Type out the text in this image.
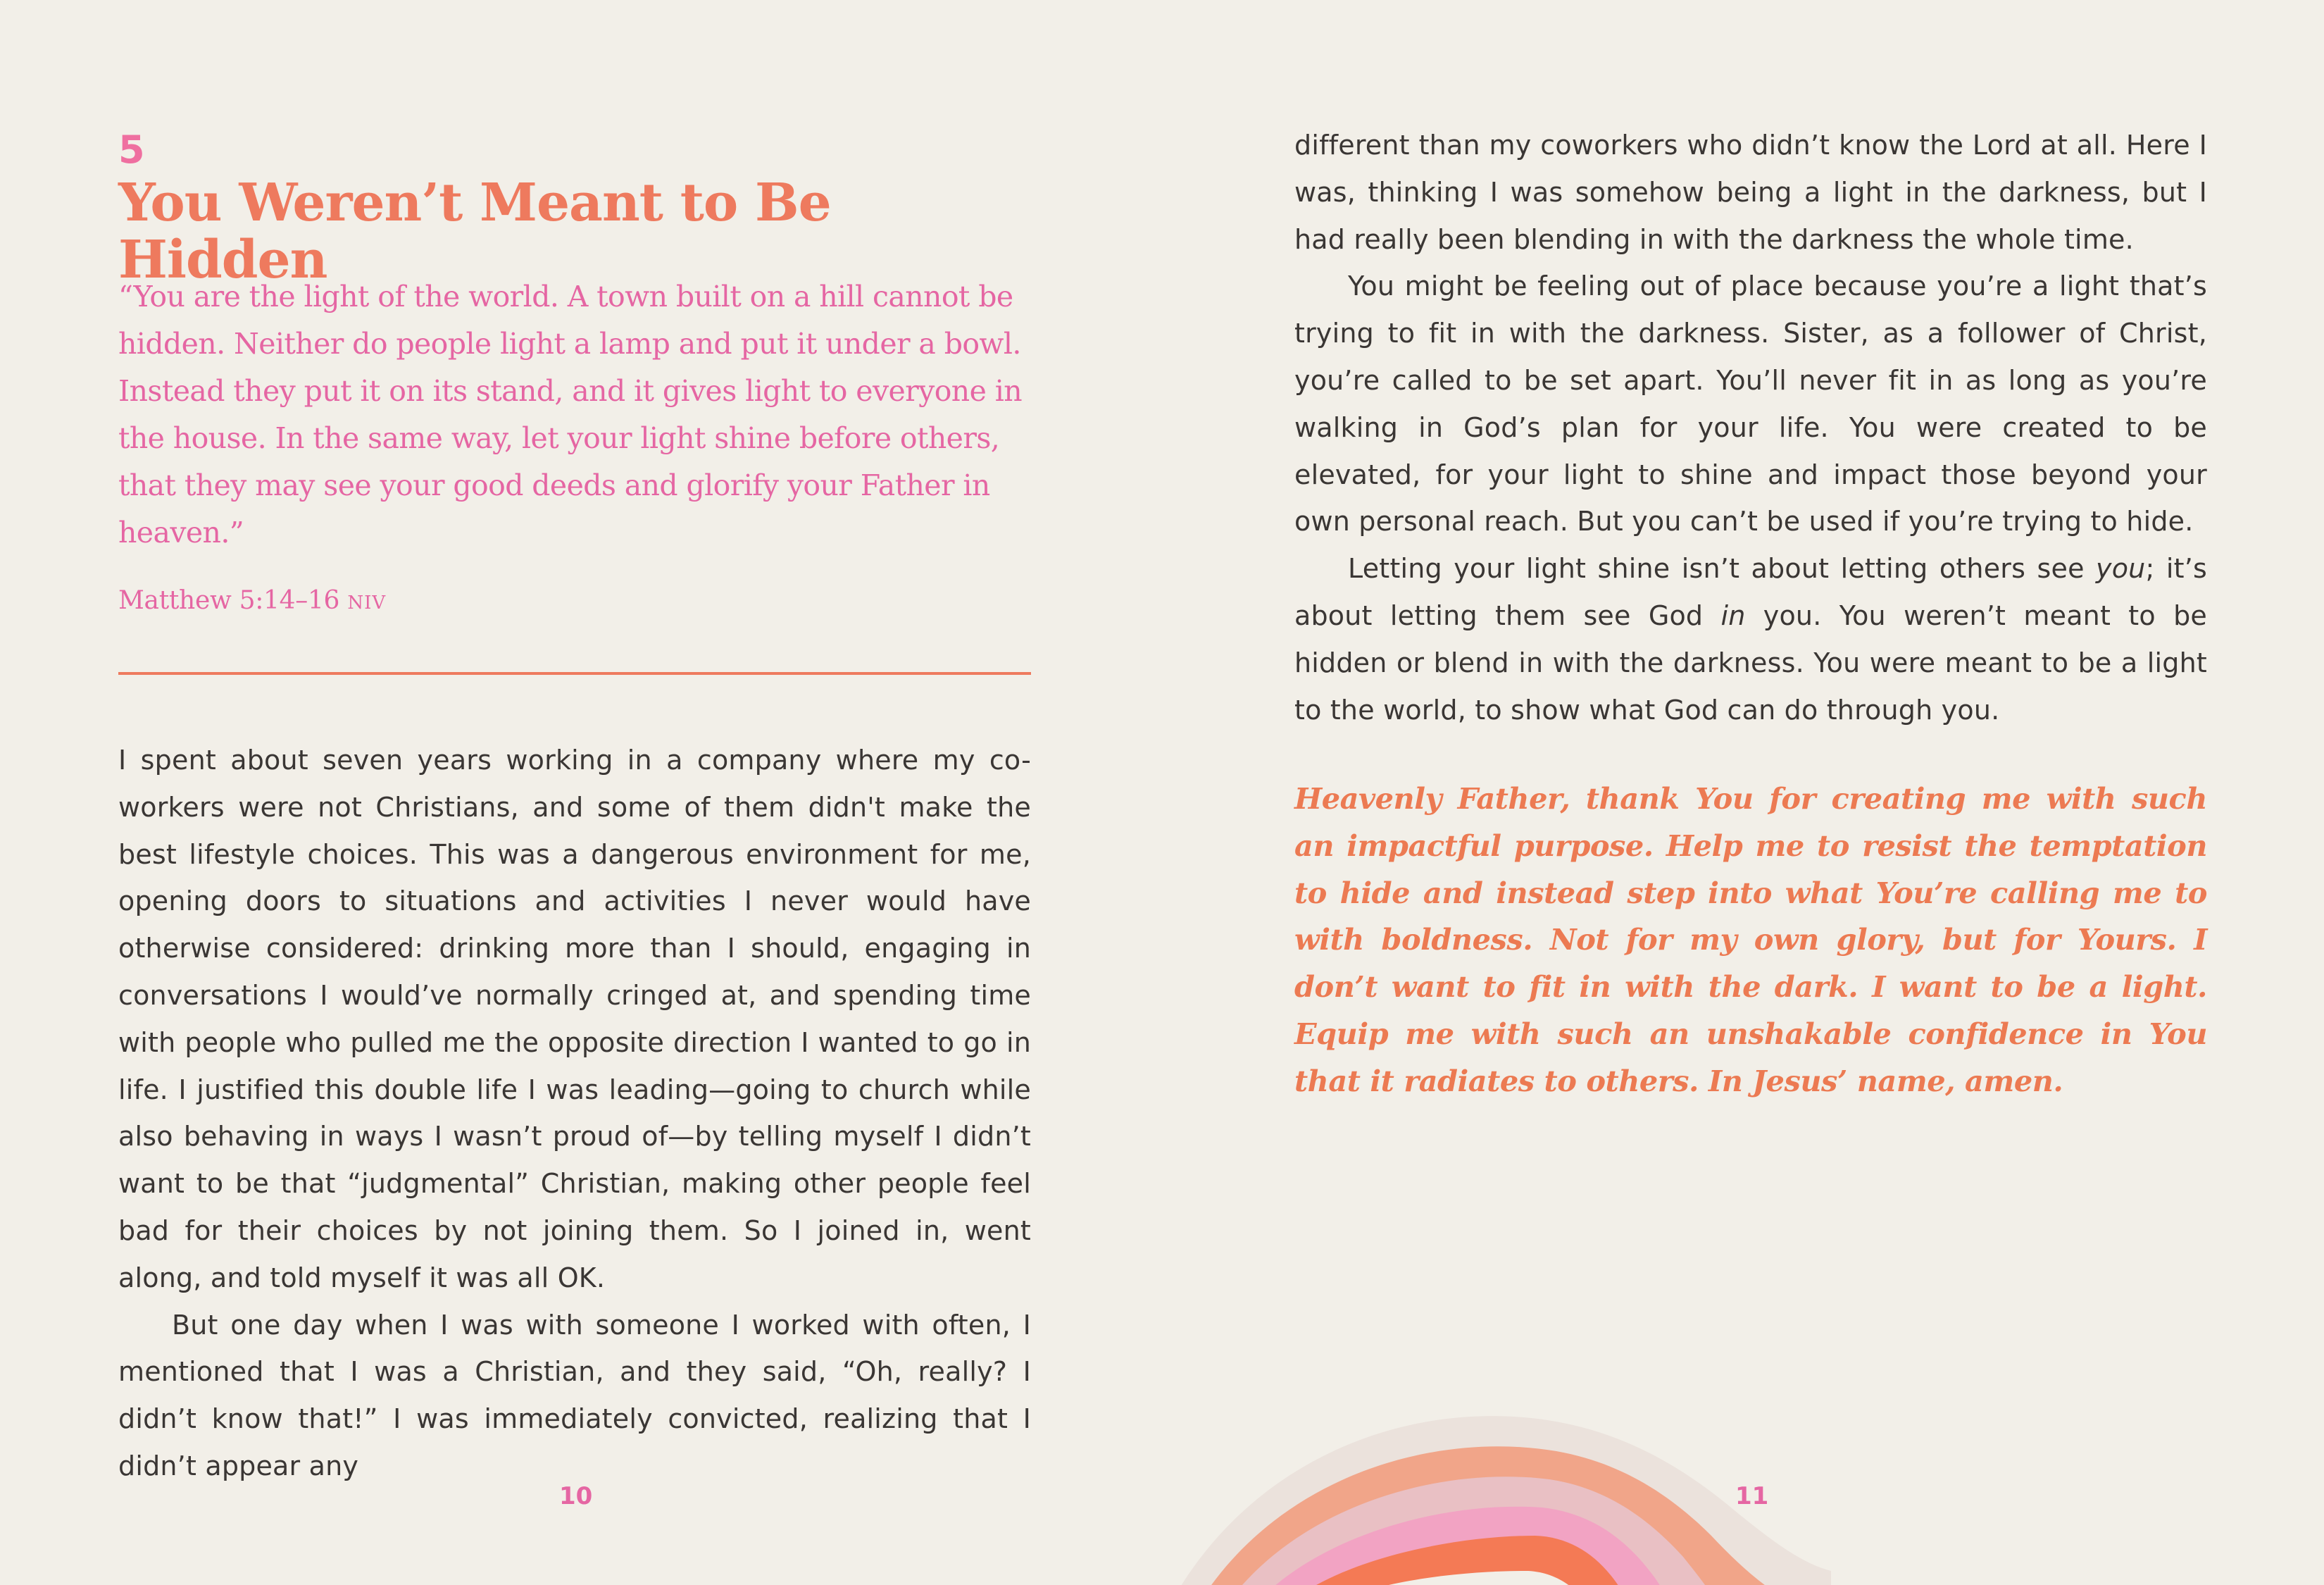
5
You Weren’t Meant to Be Hidden

“You are the light of the world. A town built on a hill cannot be hidden. Neither do people light a lamp and put it under a bowl. Instead they put it on its stand, and it gives light to everyone in the house. In the same way, let your light shine before others, that they may see your good deeds and glorify your Father in heaven.”

Matthew 5:14–16 NIV

I spent about seven years working in a company where my co-workers were not Christians, and some of them didn't make the best lifestyle choices. This was a dangerous environment for me, opening doors to situations and activities I never would have otherwise considered: drinking more than I should, engaging in conversations I would’ve normally cringed at, and spending time with people who pulled me the opposite direction I wanted to go in life. I justified this double life I was leading—going to church while also behaving in ways I wasn’t proud of—by telling myself I didn’t want to be that “judgmental” Christian, making other people feel bad for their choices by not joining them. So I joined in, went along, and told myself it was all OK.

But one day when I was with someone I worked with often, I mentioned that I was a Christian, and they said, “Oh, really? I didn’t know that!” I was immediately convicted, realizing that I didn’t appear any

10

different than my coworkers who didn’t know the Lord at all. Here I was, thinking I was somehow being a light in the darkness, but I had really been blending in with the darkness the whole time.

You might be feeling out of place because you’re a light that’s trying to fit in with the darkness. Sister, as a follower of Christ, you’re called to be set apart. You’ll never fit in as long as you’re walking in God’s plan for your life. You were created to be elevated, for your light to shine and impact those beyond your own personal reach. But you can’t be used if you’re trying to hide.

Letting your light shine isn’t about letting others see you; it’s about letting them see God in you. You weren’t meant to be hidden or blend in with the darkness. You were meant to be a light to the world, to show what God can do through you.

Heavenly Father, thank You for creating me with such an impactful purpose. Help me to resist the temptation to hide and instead step into what You’re calling me to with boldness. Not for my own glory, but for Yours. I don’t want to fit in with the dark. I want to be a light. Equip me with such an unshakable confidence in You that it radiates to others. In Jesus’ name, amen.

11
